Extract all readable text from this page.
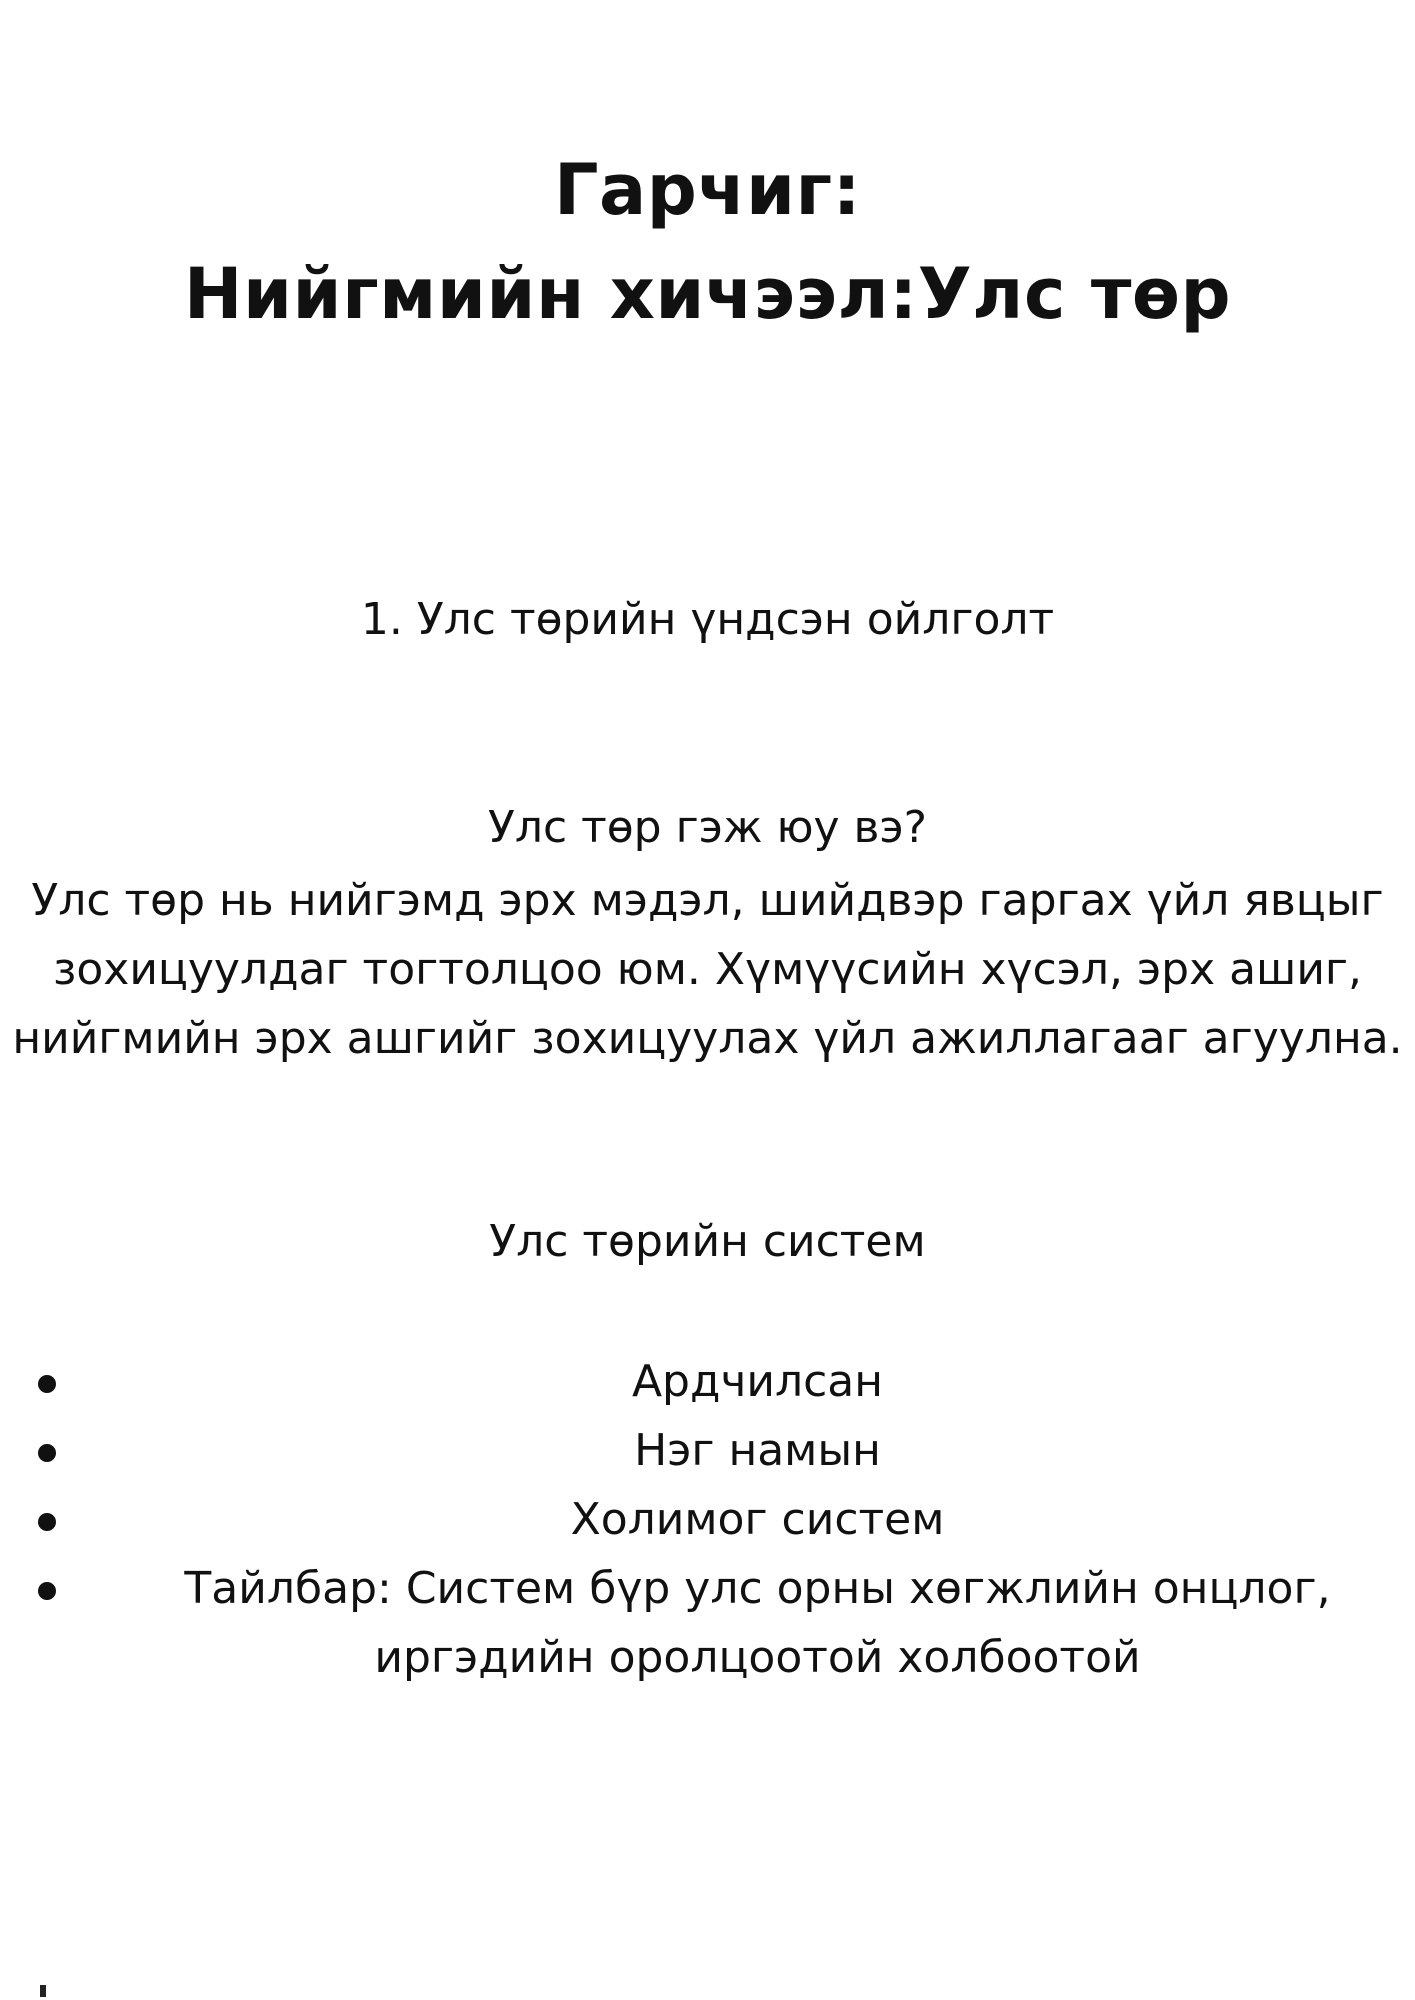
Гарчиг:
Нийгмийн хичээл:Улс төр
1. Улс төрийн үндсэн ойлголт
Улс төр гэж юу вэ?
Улс төр нь нийгэмд эрх мэдэл, шийдвэр гаргах үйл явцыг зохицуулдаг тогтолцоо юм. Хүмүүсийн хүсэл, эрх ашиг, нийгмийн эрх ашгийг зохицуулах үйл ажиллагааг агуулна.
Улс төрийн систем
Ардчилсан
Нэг намын
Холимог систем
Тайлбар: Систем бүр улс орны хөгжлийн онцлог, иргэдийн оролцоотой холбоотой
